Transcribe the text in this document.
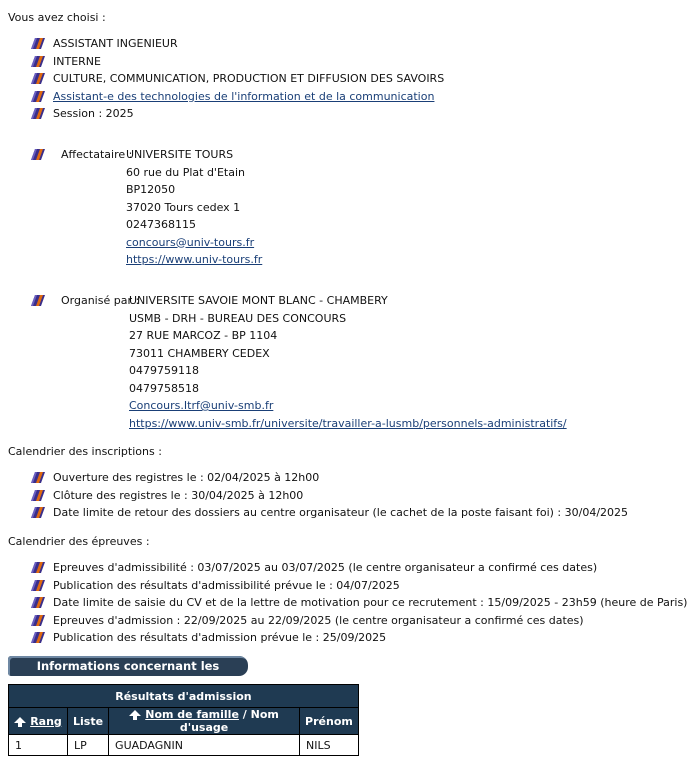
Vous avez choisi :
ASSISTANT INGENIEUR
INTERNE
CULTURE, COMMUNICATION, PRODUCTION ET DIFFUSION DES SAVOIRS
Assistant-e des technologies de l'information et de la communication
Session : 2025
Affectataire :
UNIVERSITE TOURS
60 rue du Plat d'Etain
BP12050
37020 Tours cedex 1
0247368115
concours@univ-tours.fr
https://www.univ-tours.fr
Organisé par :
UNIVERSITE SAVOIE MONT BLANC - CHAMBERY
USMB - DRH - BUREAU DES CONCOURS
27 RUE MARCOZ - BP 1104
73011 CHAMBERY CEDEX
0479759118
0479758518
Concours.Itrf@univ-smb.fr
https://www.univ-smb.fr/universite/travailler-a-lusmb/personnels-administratifs/
Calendrier des inscriptions :
Ouverture des registres le : 02/04/2025 à 12h00
Clôture des registres le : 30/04/2025 à 12h00
Date limite de retour des dossiers au centre organisateur (le cachet de la poste faisant foi) : 30/04/2025
Calendrier des épreuves :
Epreuves d'admissibilité : 03/07/2025 au 03/07/2025 (le centre organisateur a confirmé ces dates)
Publication des résultats d'admissibilité prévue le : 04/07/2025
Date limite de saisie du CV et de la lettre de motivation pour ce recrutement : 15/09/2025 - 23h59 (heure de Paris)
Epreuves d'admission : 22/09/2025 au 22/09/2025 (le centre organisateur a confirmé ces dates)
Publication des résultats d'admission prévue le : 25/09/2025
Informations concernant les
Résultats d'admission			
Rang	Liste	Nom de famille / Nom d'usage	Prénom
1	LP	GUADAGNIN	NILS
